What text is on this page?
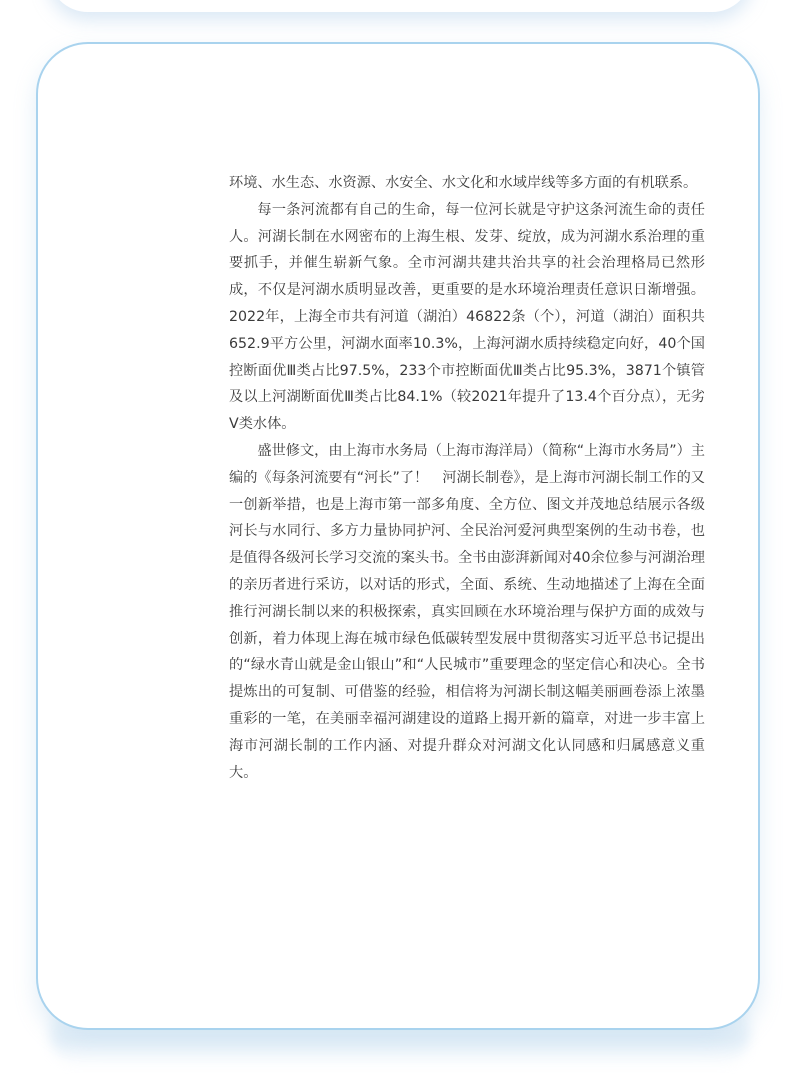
环境、水生态、水资源、水安全、水文化和水域岸线等多方面的有机联系。

每一条河流都有自己的生命，每一位河长就是守护这条河流生命的责任人。河湖长制在水网密布的上海生根、发芽、绽放，成为河湖水系治理的重要抓手，并催生崭新气象。全市河湖共建共治共享的社会治理格局已然形成，不仅是河湖水质明显改善，更重要的是水环境治理责任意识日渐增强。2022年，上海全市共有河道（湖泊）46822条（个），河道（湖泊）面积共652.9平方公里，河湖水面率10.3%，上海河湖水质持续稳定向好，40个国控断面优Ⅲ类占比97.5%，233个市控断面优Ⅲ类占比95.3%，3871个镇管及以上河湖断面优Ⅲ类占比84.1%（较2021年提升了13.4个百分点），无劣Ⅴ类水体。

盛世修文，由上海市水务局（上海市海洋局）（简称“上海市水务局”）主编的《每条河流要有“河长”了！　河湖长制卷》，是上海市河湖长制工作的又一创新举措，也是上海市第一部多角度、全方位、图文并茂地总结展示各级河长与水同行、多方力量协同护河、全民治河爱河典型案例的生动书卷，也是值得各级河长学习交流的案头书。全书由澎湃新闻对40余位参与河湖治理的亲历者进行采访，以对话的形式，全面、系统、生动地描述了上海在全面推行河湖长制以来的积极探索，真实回顾在水环境治理与保护方面的成效与创新，着力体现上海在城市绿色低碳转型发展中贯彻落实习近平总书记提出的“绿水青山就是金山银山”和“人民城市”重要理念的坚定信心和决心。全书提炼出的可复制、可借鉴的经验，相信将为河湖长制这幅美丽画卷添上浓墨重彩的一笔，在美丽幸福河湖建设的道路上揭开新的篇章，对进一步丰富上海市河湖长制的工作内涵、对提升群众对河湖文化认同感和归属感意义重大。
